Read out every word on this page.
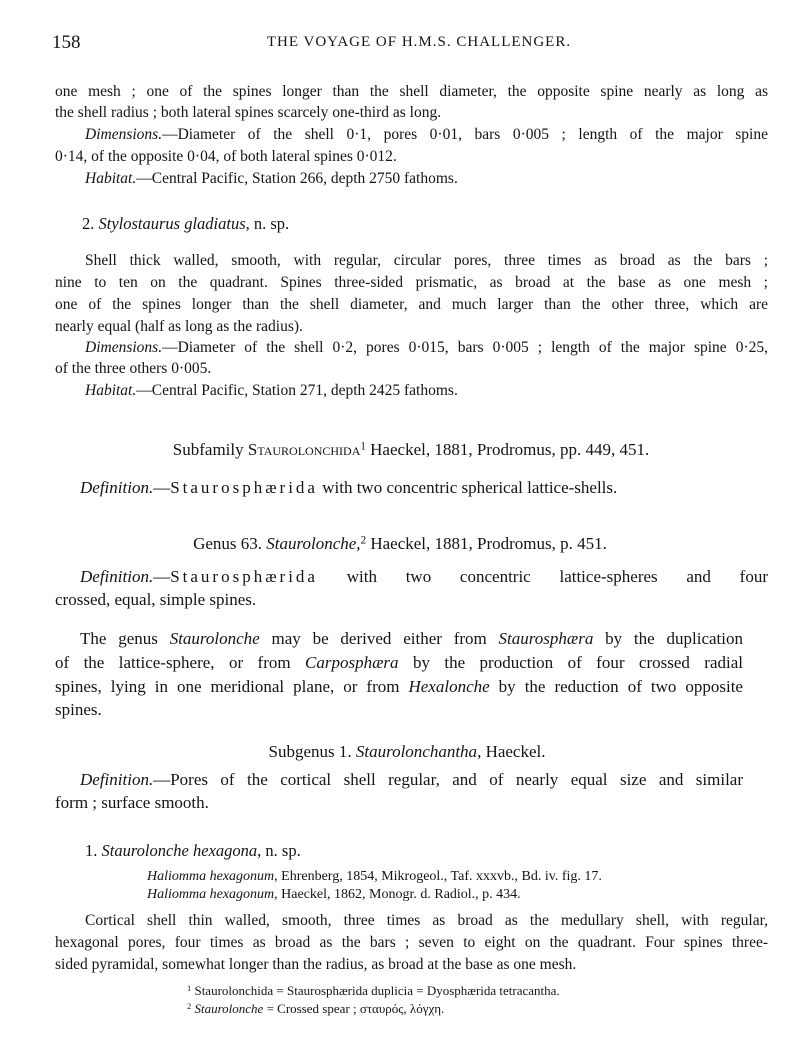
158	THE VOYAGE OF H.M.S. CHALLENGER.
one mesh ; one of the spines longer than the shell diameter, the opposite spine nearly as long as
the shell radius ; both lateral spines scarcely one-third as long.
Dimensions.—Diameter of the shell 0·1, pores 0·01, bars 0·005 ; length of the major spine
0·14, of the opposite 0·04, of both lateral spines 0·012.
Habitat.—Central Pacific, Station 266, depth 2750 fathoms.
2. Stylostaurus gladiatus, n. sp.
Shell thick walled, smooth, with regular, circular pores, three times as broad as the bars ;
nine to ten on the quadrant. Spines three-sided prismatic, as broad at the base as one mesh ;
one of the spines longer than the shell diameter, and much larger than the other three, which are
nearly equal (half as long as the radius).
Dimensions.—Diameter of the shell 0·2, pores 0·015, bars 0·005 ; length of the major spine 0·25,
of the three others 0·005.
Habitat.—Central Pacific, Station 271, depth 2425 fathoms.
Subfamily Staurolonchida$^1$ Haeckel, 1881, Prodromus, pp. 449, 451.
Definition.—Staurosphærida with two concentric spherical lattice-shells.
Genus 63. Staurolonche,$^2$ Haeckel, 1881, Prodromus, p. 451.
Definition.—Staurosphærida with two concentric lattice-spheres and four
crossed, equal, simple spines.
The genus Staurolonche may be derived either from Staurosphæra by the duplication
of the lattice-sphere, or from Carposphæra by the production of four crossed radial
spines, lying in one meridional plane, or from Hexalonche by the reduction of two opposite
spines.
Subgenus 1. Staurolonchantha, Haeckel.
Definition.—Pores of the cortical shell regular, and of nearly equal size and similar
form ; surface smooth.
1. Staurolonche hexagona, n. sp.
Haliomma hexagonum, Ehrenberg, 1854, Mikrogeol., Taf. xxxvb., Bd. iv. fig. 17.
Haliomma hexagonum, Haeckel, 1862, Monogr. d. Radiol., p. 434.
Cortical shell thin walled, smooth, three times as broad as the medullary shell, with regular,
hexagonal pores, four times as broad as the bars ; seven to eight on the quadrant. Four spines three-
sided pyramidal, somewhat longer than the radius, as broad at the base as one mesh.
$^1$ Staurolonchida = Staurosphærida duplicia = Dyosphærida tetracantha.
$^2$ Staurolonche = Crossed spear ; σταυρός, λόγχη.
